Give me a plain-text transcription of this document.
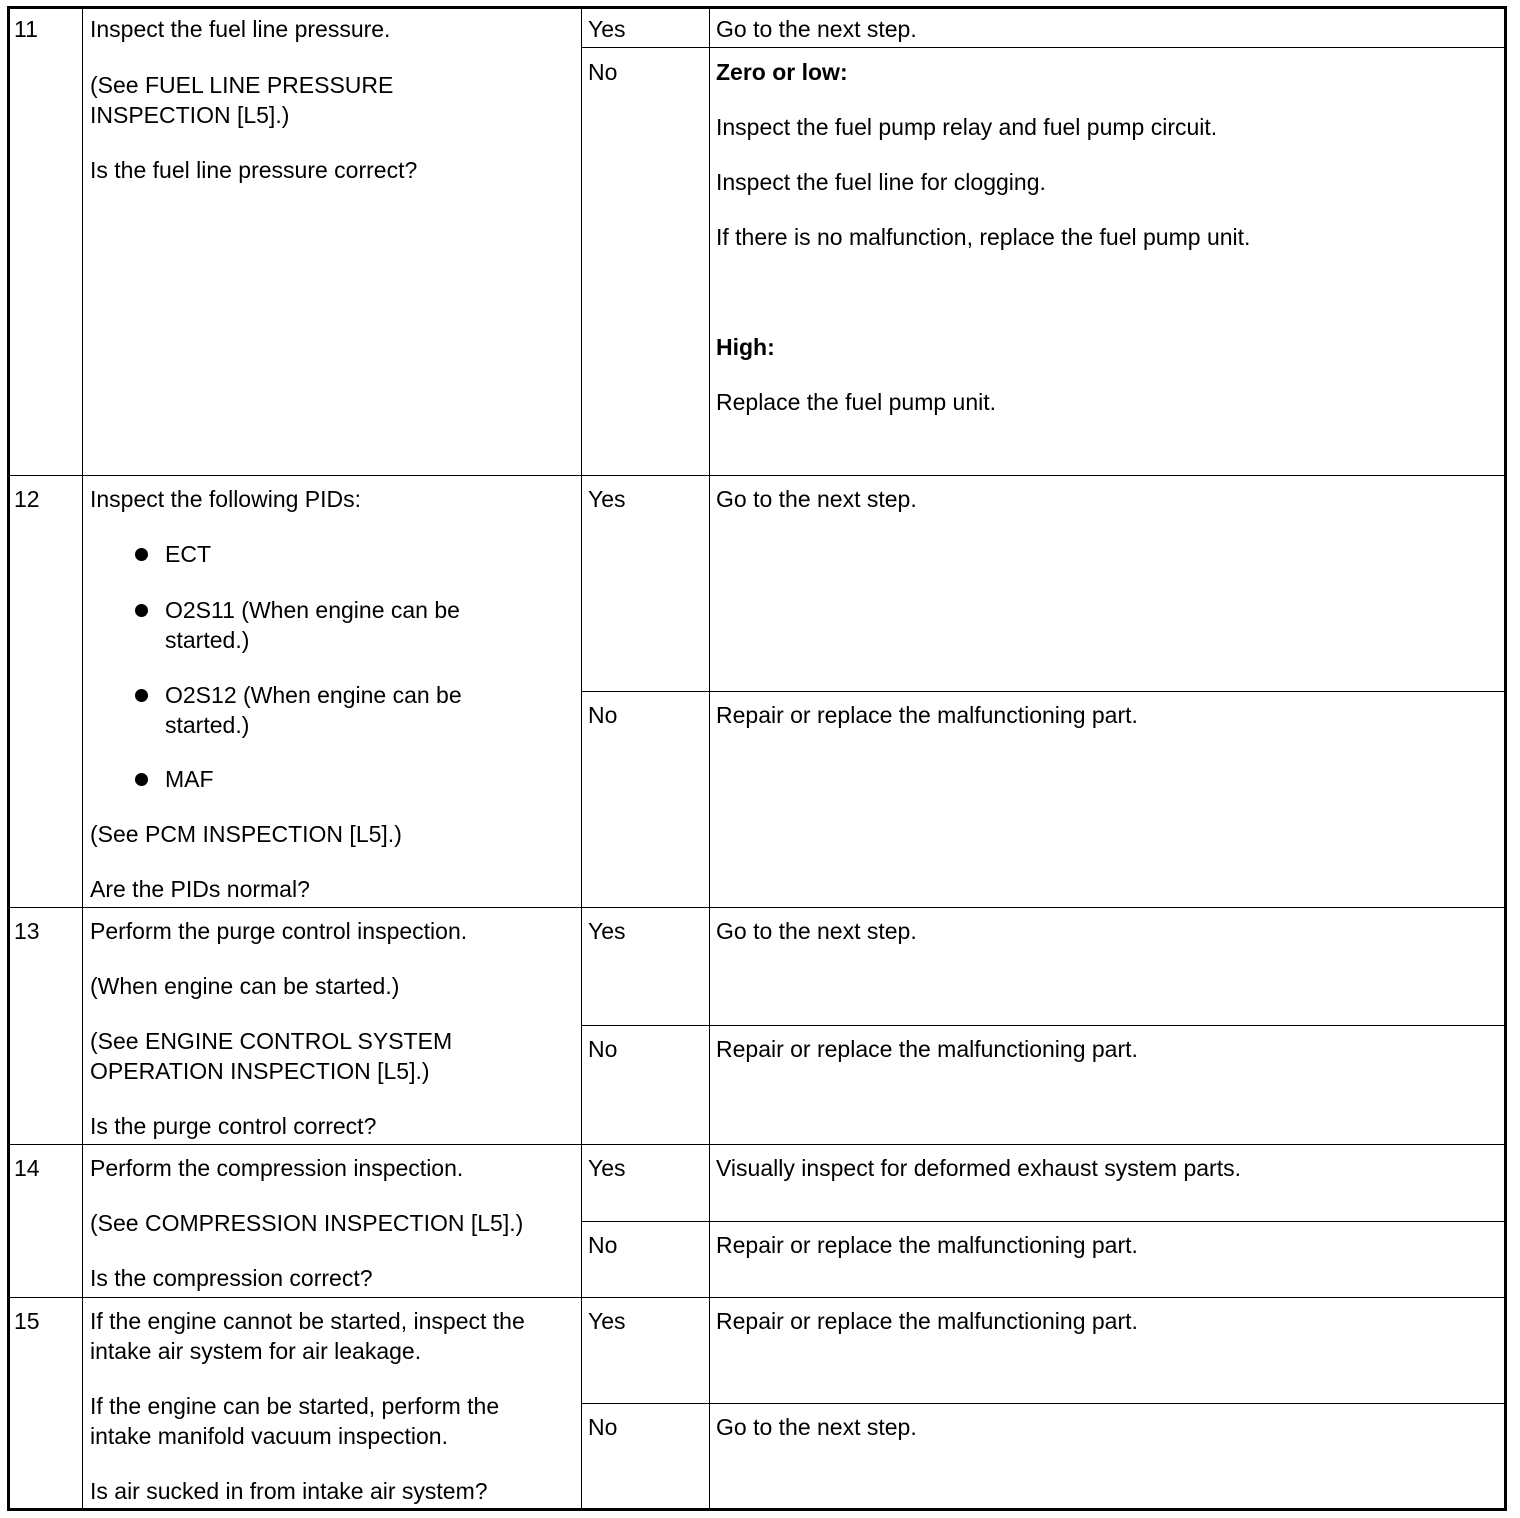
11 Inspect the fuel line pressure.
(See FUEL LINE PRESSURE
INSPECTION [L5].)
Is the fuel line pressure correct?
Yes	Go to the next step.
No	Zero or low:
Inspect the fuel pump relay and fuel pump circuit.
Inspect the fuel line for clogging.
If there is no malfunction, replace the fuel pump unit.
High:
Replace the fuel pump unit.
12 Inspect the following PIDs:
ECT
O2S11 (When engine can be
started.)
O2S12 (When engine can be
started.)
MAF
(See PCM INSPECTION [L5].)
Are the PIDs normal?
Yes	Go to the next step.
No	Repair or replace the malfunctioning part.
13 Perform the purge control inspection.
(When engine can be started.)
(See ENGINE CONTROL SYSTEM
OPERATION INSPECTION [L5].)
Is the purge control correct?
Yes	Go to the next step.
No	Repair or replace the malfunctioning part.
14 Perform the compression inspection.
(See COMPRESSION INSPECTION [L5].)
Is the compression correct?
Yes	Visually inspect for deformed exhaust system parts.
No	Repair or replace the malfunctioning part.
15 If the engine cannot be started, inspect the
intake air system for air leakage.
If the engine can be started, perform the
intake manifold vacuum inspection.
Is air sucked in from intake air system?
Yes	Repair or replace the malfunctioning part.
No	Go to the next step.
